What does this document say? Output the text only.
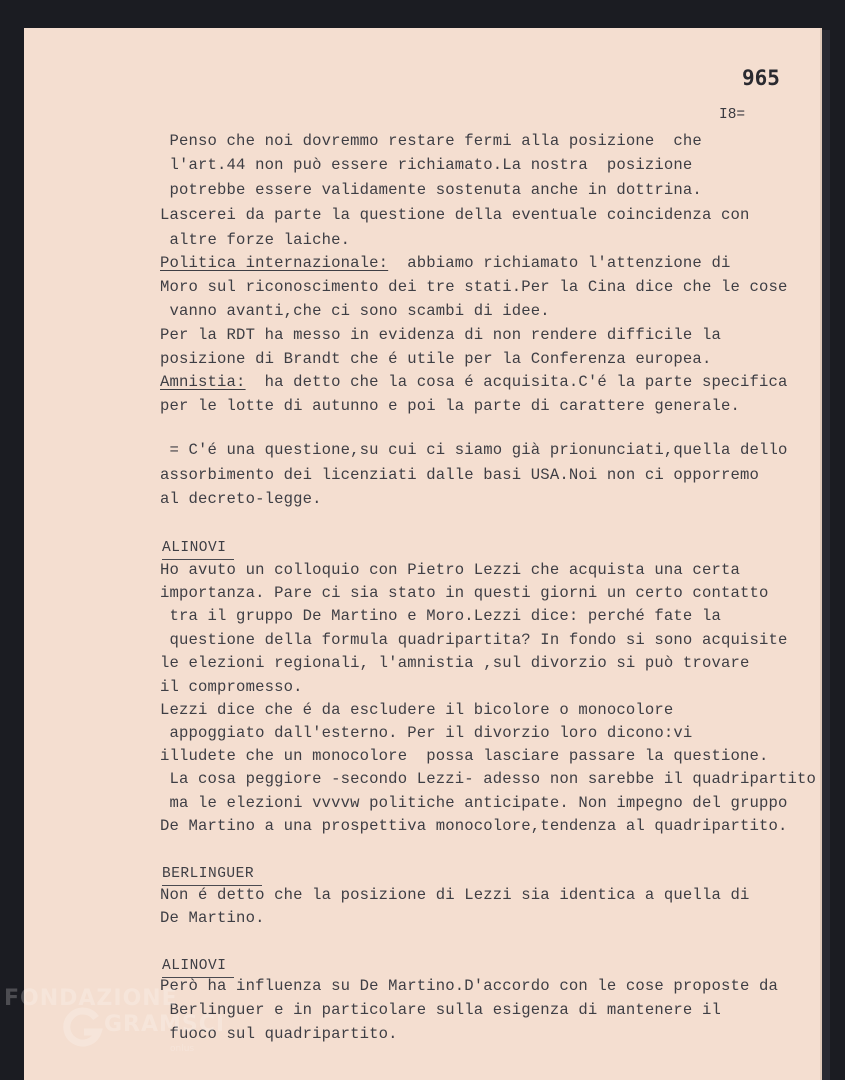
965
I8=
Penso che noi dovremmo restare fermi alla posizione  che
l'art.44 non può essere richiamato.La nostra  posizione
potrebbe essere validamente sostenuta anche in dottrina.
Lascerei da parte la questione della eventuale coincidenza con
altre forze laiche.
Politica internazionale:  abbiamo richiamato l'attenzione di
Moro sul riconoscimento dei tre stati.Per la Cina dice che le cose
vanno avanti,che ci sono scambi di idee.
Per la RDT ha messo in evidenza di non rendere difficile la
posizione di Brandt che é utile per la Conferenza europea.
Amnistia:  ha detto che la cosa é acquisita.C'é la parte specifica
per le lotte di autunno e poi la parte di carattere generale.
= C'é una questione,su cui ci siamo già prionunciati,quella dello
assorbimento dei licenziati dalle basi USA.Noi non ci opporremo
al decreto-legge.
ALINOVI
Ho avuto un colloquio con Pietro Lezzi che acquista una certa
importanza. Pare ci sia stato in questi giorni un certo contatto
tra il gruppo De Martino e Moro.Lezzi dice: perché fate la
questione della formula quadripartita? In fondo si sono acquisite
le elezioni regionali, l'amnistia ,sul divorzio si può trovare
il compromesso.
Lezzi dice che é da escludere il bicolore o monocolore
appoggiato dall'esterno. Per il divorzio loro dicono:vi
illudete che un monocolore  possa lasciare passare la questione.
La cosa peggiore -secondo Lezzi- adesso non sarebbe il quadripartito
ma le elezioni vvvvw politiche anticipate. Non impegno del gruppo
De Martino a una prospettiva monocolore,tendenza al quadripartito.
BERLINGUER
Non é detto che la posizione di Lezzi sia identica a quella di
De Martino.
ALINOVI
Però ha influenza su De Martino.D'accordo con le cose proposte da
Berlinguer e in particolare sulla esigenza di mantenere il
fuoco sul quadripartito.
FONDAZIONE
GRAMSCI
onlus
